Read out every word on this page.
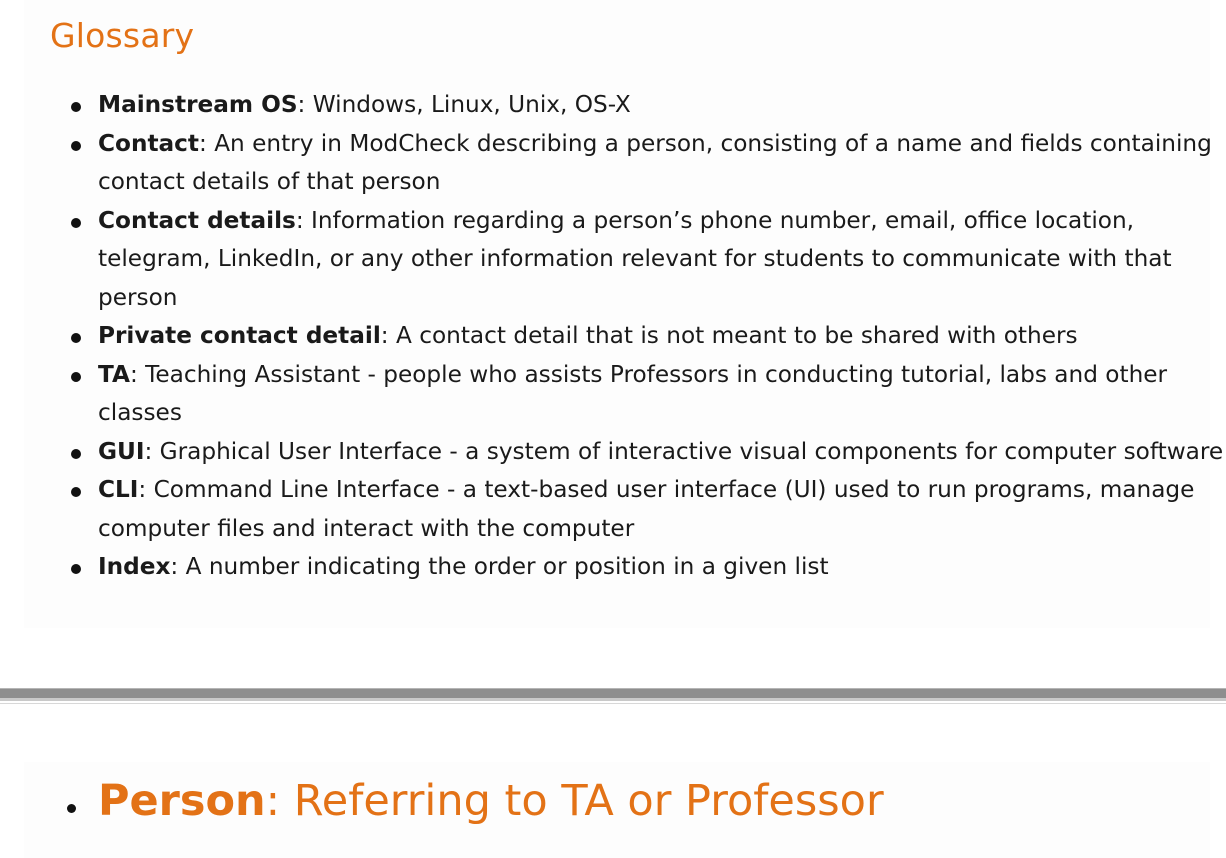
Glossary
Mainstream OS: Windows, Linux, Unix, OS-X
Contact: An entry in ModCheck describing a person, consisting of a name and fields containing
contact details of that person
Contact details: Information regarding a person’s phone number, email, office location,
telegram, LinkedIn, or any other information relevant for students to communicate with that
person
Private contact detail: A contact detail that is not meant to be shared with others
TA: Teaching Assistant - people who assists Professors in conducting tutorial, labs and other
classes
GUI: Graphical User Interface - a system of interactive visual components for computer software
CLI: Command Line Interface - a text-based user interface (UI) used to run programs, manage
computer files and interact with the computer
Index: A number indicating the order or position in a given list

Person: Referring to TA or Professor
